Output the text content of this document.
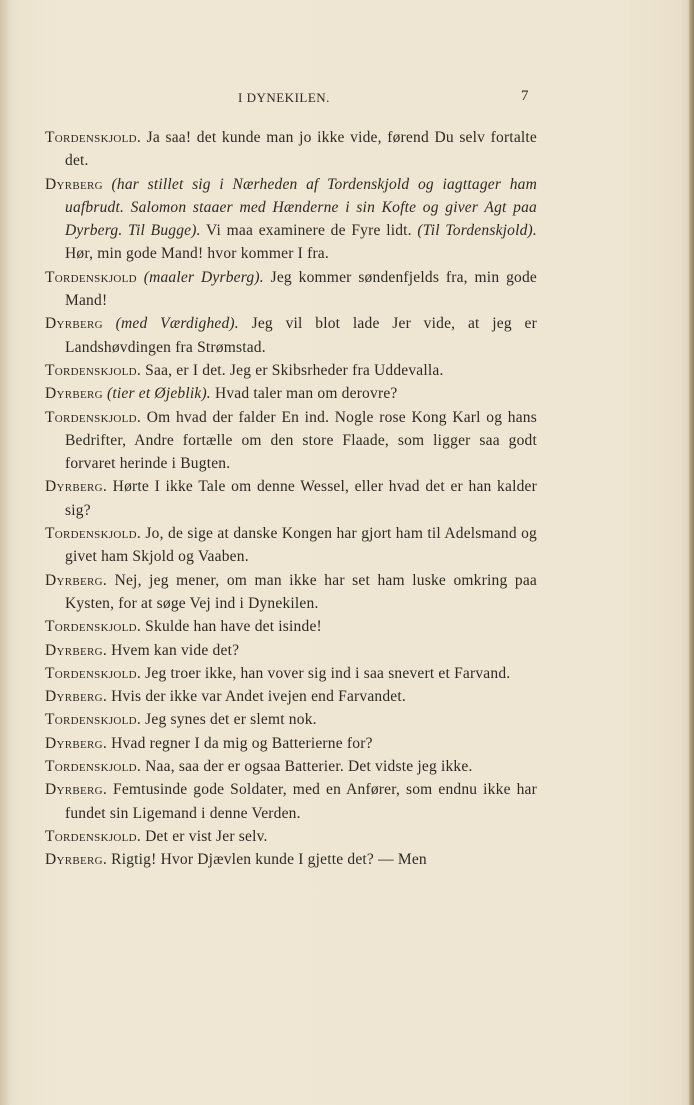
I DYNEKILEN.	7
Tordenskjold. Ja saa! det kunde man jo ikke vide, førend Du selv fortalte det.
Dyrberg (har stillet sig i Nærheden af Tordenskjold og iagttager ham uafbrudt. Salomon staaer med Hænderne i sin Kofte og giver Agt paa Dyrberg. Til Bugge). Vi maa examinere de Fyre lidt. (Til Tordenskjold). Hør, min gode Mand! hvor kommer I fra.
Tordenskjold (maaler Dyrberg). Jeg kommer søndenfjelds fra, min gode Mand!
Dyrberg (med Værdighed). Jeg vil blot lade Jer vide, at jeg er Landshøvdingen fra Strømstad.
Tordenskjold. Saa, er I det. Jeg er Skibsrheder fra Uddevalla.
Dyrberg (tier et Øjeblik). Hvad taler man om derovre?
Tordenskjold. Om hvad der falder En ind. Nogle rose Kong Karl og hans Bedrifter, Andre fortælle om den store Flaade, som ligger saa godt forvaret herinde i Bugten.
Dyrberg. Hørte I ikke Tale om denne Wessel, eller hvad det er han kalder sig?
Tordenskjold. Jo, de sige at danske Kongen har gjort ham til Adelsmand og givet ham Skjold og Vaaben.
Dyrberg. Nej, jeg mener, om man ikke har set ham luske omkring paa Kysten, for at søge Vej ind i Dynekilen.
Tordenskjold. Skulde han have det isinde!
Dyrberg. Hvem kan vide det?
Tordenskjold. Jeg troer ikke, han vover sig ind i saa snevert et Farvand.
Dyrberg. Hvis der ikke var Andet ivejen end Farvandet.
Tordenskjold. Jeg synes det er slemt nok.
Dyrberg. Hvad regner I da mig og Batterierne for?
Tordenskjold. Naa, saa der er ogsaa Batterier. Det vidste jeg ikke.
Dyrberg. Femtusinde gode Soldater, med en Anfører, som endnu ikke har fundet sin Ligemand i denne Verden.
Tordenskjold. Det er vist Jer selv.
Dyrberg. Rigtig! Hvor Djævlen kunde I gjette det? — Men
